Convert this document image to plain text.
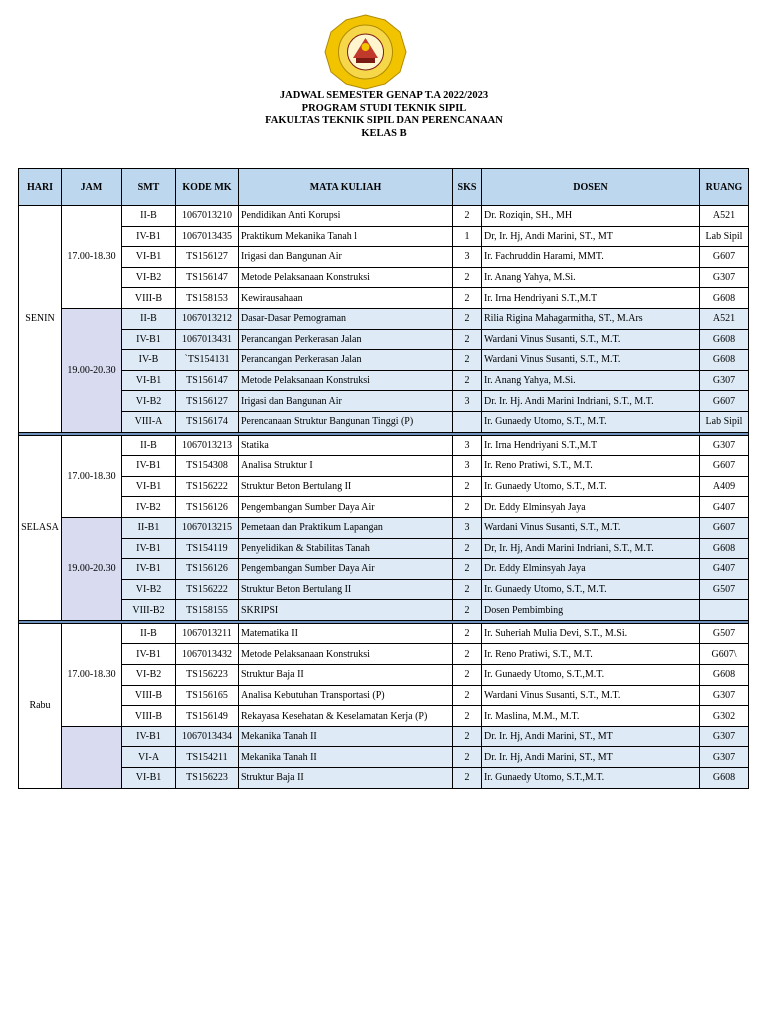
JADWAL SEMESTER GENAP T.A 2022/2023
PROGRAM STUDI TEKNIK SIPIL
FAKULTAS TEKNIK SIPIL DAN PERENCANAAN
KELAS B
HARI	JAM	SMT	KODE MK	MATA KULIAH	SKS	DOSEN	RUANG
SENIN	17.00-18.30	II-B	1067013210	Pendidikan Anti Korupsi	2	Dr. Roziqin, SH., MH	A521
		IV-B1	1067013435	Praktikum Mekanika Tanah l	1	Dr, Ir. Hj, Andi Marini, ST., MT	Lab Sipil
		VI-B1	TS156127	Irigasi dan Bangunan Air	3	Ir. Fachruddin Harami, MMT.	G607
		VI-B2	TS156147	Metode Pelaksanaan Konstruksi	2	Ir. Anang Yahya, M.Si.	G307
		VIII-B	TS158153	Kewirausahaan	2	Ir. Irna Hendriyani S.T.,M.T	G608
	19.00-20.30	II-B	1067013212	Dasar-Dasar Pemograman	2	Rilia Rigina Mahagarmitha, ST., M.Ars	A521
		IV-B1	1067013431	Perancangan Perkerasan Jalan	2	Wardani Vinus Susanti, S.T., M.T.	G608
		IV-B	`TS154131	Perancangan Perkerasan Jalan	2	Wardani Vinus Susanti, S.T., M.T.	G608
		VI-B1	TS156147	Metode Pelaksanaan Konstruksi	2	Ir. Anang Yahya, M.Si.	G307
		VI-B2	TS156127	Irigasi dan Bangunan Air	3	Dr. Ir. Hj. Andi Marini Indriani, S.T., M.T.	G607
		VIII-A	TS156174	Perencanaan Struktur Bangunan Tinggi (P)		Ir. Gunaedy Utomo, S.T., M.T.	Lab Sipil

SELASA	17.00-18.30	II-B	1067013213	Statika	3	Ir. Irna Hendriyani S.T.,M.T	G307
		IV-B1	TS154308	Analisa Struktur I	3	Ir. Reno Pratiwi, S.T., M.T.	G607
		VI-B1	TS156222	Struktur Beton Bertulang II	2	Ir. Gunaedy Utomo, S.T., M.T.	A409
		IV-B2	TS156126	Pengembangan Sumber Daya Air	2	Dr. Eddy Elminsyah Jaya	G407
	19.00-20.30	II-B1	1067013215	Pemetaan dan Praktikum Lapangan	3	Wardani Vinus Susanti, S.T., M.T.	G607
		IV-B1	TS154119	Penyelidikan & Stabilitas Tanah	2	Dr, Ir. Hj, Andi Marini Indriani, S.T., M.T.	G608
		IV-B1	TS156126	Pengembangan Sumber Daya Air	2	Dr. Eddy Elminsyah Jaya	G407
		VI-B2	TS156222	Struktur Beton Bertulang II	2	Ir. Gunaedy Utomo, S.T., M.T.	G507
		VIII-B2	TS158155	SKRIPSI	2	Dosen Pembimbing	

Rabu	17.00-18.30	II-B	1067013211	Matematika II	2	Ir. Suheriah Mulia Devi, S.T., M.Si.	G507
		IV-B1	1067013432	Metode Pelaksanaan Konstruksi	2	Ir. Reno Pratiwi, S.T., M.T.	G607\
		VI-B2	TS156223	Struktur Baja II	2	Ir. Gunaedy Utomo, S.T.,M.T.	G608
		VIII-B	TS156165	Analisa Kebutuhan Transportasi (P)	2	Wardani Vinus Susanti, S.T., M.T.	G307
		VIII-B	TS156149	Rekayasa Kesehatan & Keselamatan Kerja (P)	2	Ir. Maslina, M.M., M.T.	G302
		IV-B1	1067013434	Mekanika Tanah II	2	Dr. Ir. Hj, Andi Marini, ST., MT	G307
		VI-A	TS154211	Mekanika Tanah II	2	Dr. Ir. Hj, Andi Marini, ST., MT	G307
		VI-B1	TS156223	Struktur Baja II	2	Ir. Gunaedy Utomo, S.T.,M.T.	G608
